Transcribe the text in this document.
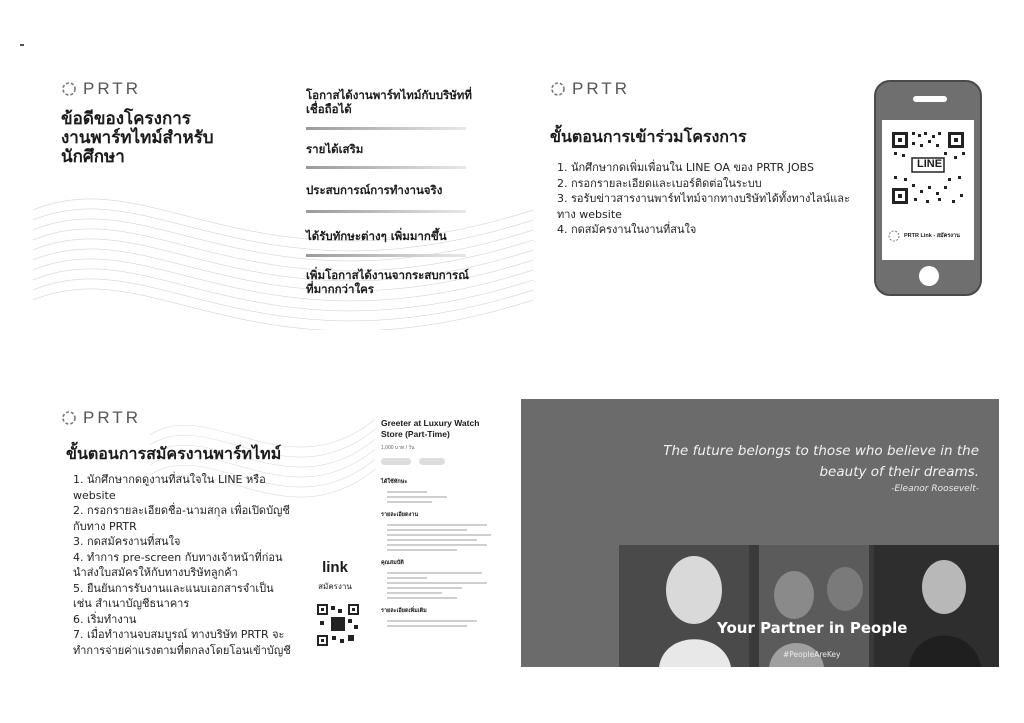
PRTR
ข้อดีของโครงการ
งานพาร์ทไทม์สำหรับ
นักศึกษา
โอกาสได้งานพาร์ทไทม์กับบริษัทที่เชื่อถือได้
รายได้เสริม
ประสบการณ์การทำงานจริง
ได้รับทักษะต่างๆ เพิ่มมากขึ้น
เพิ่มโอกาสได้งานจากระสบการณ์ที่มากกว่าใคร
PRTR
ขั้นตอนการเข้าร่วมโครงการ
1. นักศึกษากดเพิ่มเพื่อนใน LINE OA ของ PRTR JOBS
2. กรอกรายละเอียดและเบอร์ติดต่อในระบบ
3. รอรับข่าวสารงานพาร์ทไทม์จากทางบริษัทได้ทั้งทางไลน์และทาง website
4. กดสมัครงานในงานที่สนใจ
LINE
PRTR Link - สมัครงาน
PRTR
ขั้นตอนการสมัครงานพาร์ทไทม์
1. นักศึกษากดดูงานที่สนใจใน LINE หรือ website
2. กรอกรายละเอียดชื่อ-นามสกุล เพื่อเปิดบัญชีกับทาง PRTR
3. กดสมัครงานที่สนใจ
4. ทำการ pre-screen กับทางเจ้าหน้าที่ก่อนนำส่งใบสมัครให้กับทางบริษัทลูกค้า
5. ยืนยันการรับงานและแนบเอกสารจำเป็น เช่น สำเนาบัญชีธนาคาร
6. เริ่มทำงาน
7. เมื่อทำงานจบสมบูรณ์ ทางบริษัท PRTR จะทำการจ่ายค่าแรงตามที่ตกลงโดยโอนเข้าบัญชี
link
สมัครงาน
Greeter at Luxury Watch Store (Part-Time)
1,000 บาท / วัน
ได้ใช้ทักษะ
รายละเอียดงาน
คุณสมบัติ
รายละเอียดเพิ่มเติม
The future belongs to those who believe in the beauty of their dreams.
-Eleanor Roosevelt-
Your Partner in People
#PeopleAreKey
